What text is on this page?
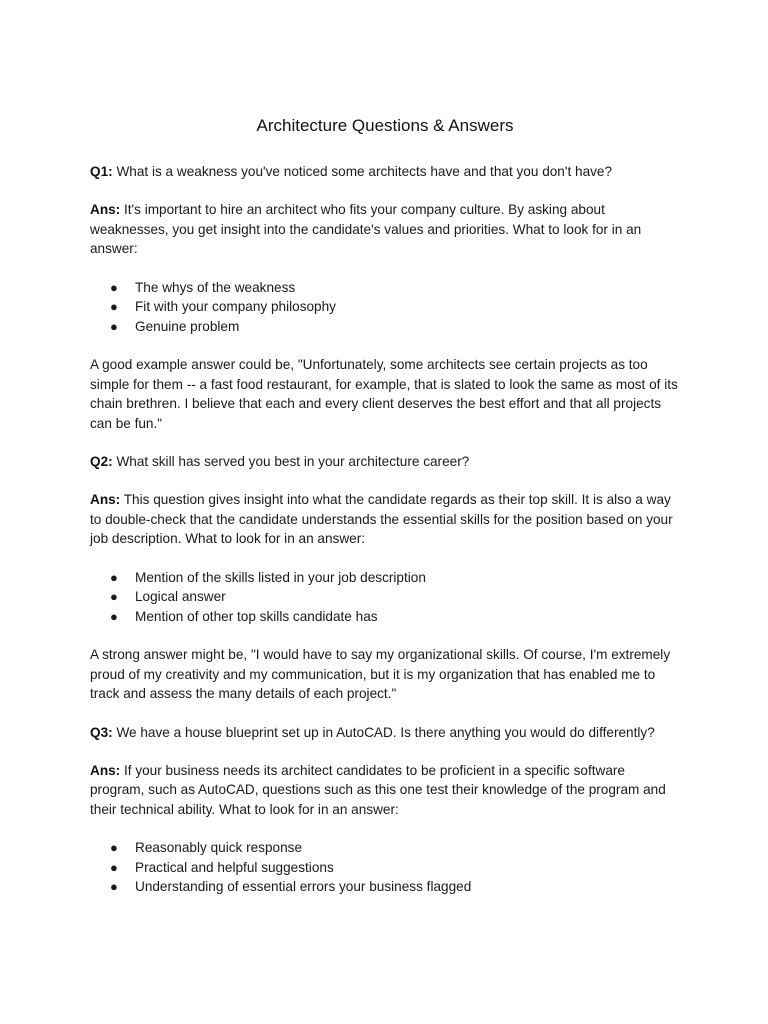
Architecture Questions & Answers

Q1: What is a weakness you've noticed some architects have and that you don't have?

Ans: It's important to hire an architect who fits your company culture. By asking about weaknesses, you get insight into the candidate's values and priorities. What to look for in an answer:

● The whys of the weakness
● Fit with your company philosophy
● Genuine problem

A good example answer could be, "Unfortunately, some architects see certain projects as too simple for them -- a fast food restaurant, for example, that is slated to look the same as most of its chain brethren. I believe that each and every client deserves the best effort and that all projects can be fun."

Q2: What skill has served you best in your architecture career?

Ans: This question gives insight into what the candidate regards as their top skill. It is also a way to double-check that the candidate understands the essential skills for the position based on your job description. What to look for in an answer:

● Mention of the skills listed in your job description
● Logical answer
● Mention of other top skills candidate has

A strong answer might be, "I would have to say my organizational skills. Of course, I'm extremely proud of my creativity and my communication, but it is my organization that has enabled me to track and assess the many details of each project."

Q3: We have a house blueprint set up in AutoCAD. Is there anything you would do differently?

Ans: If your business needs its architect candidates to be proficient in a specific software program, such as AutoCAD, questions such as this one test their knowledge of the program and their technical ability. What to look for in an answer:

● Reasonably quick response
● Practical and helpful suggestions
● Understanding of essential errors your business flagged
